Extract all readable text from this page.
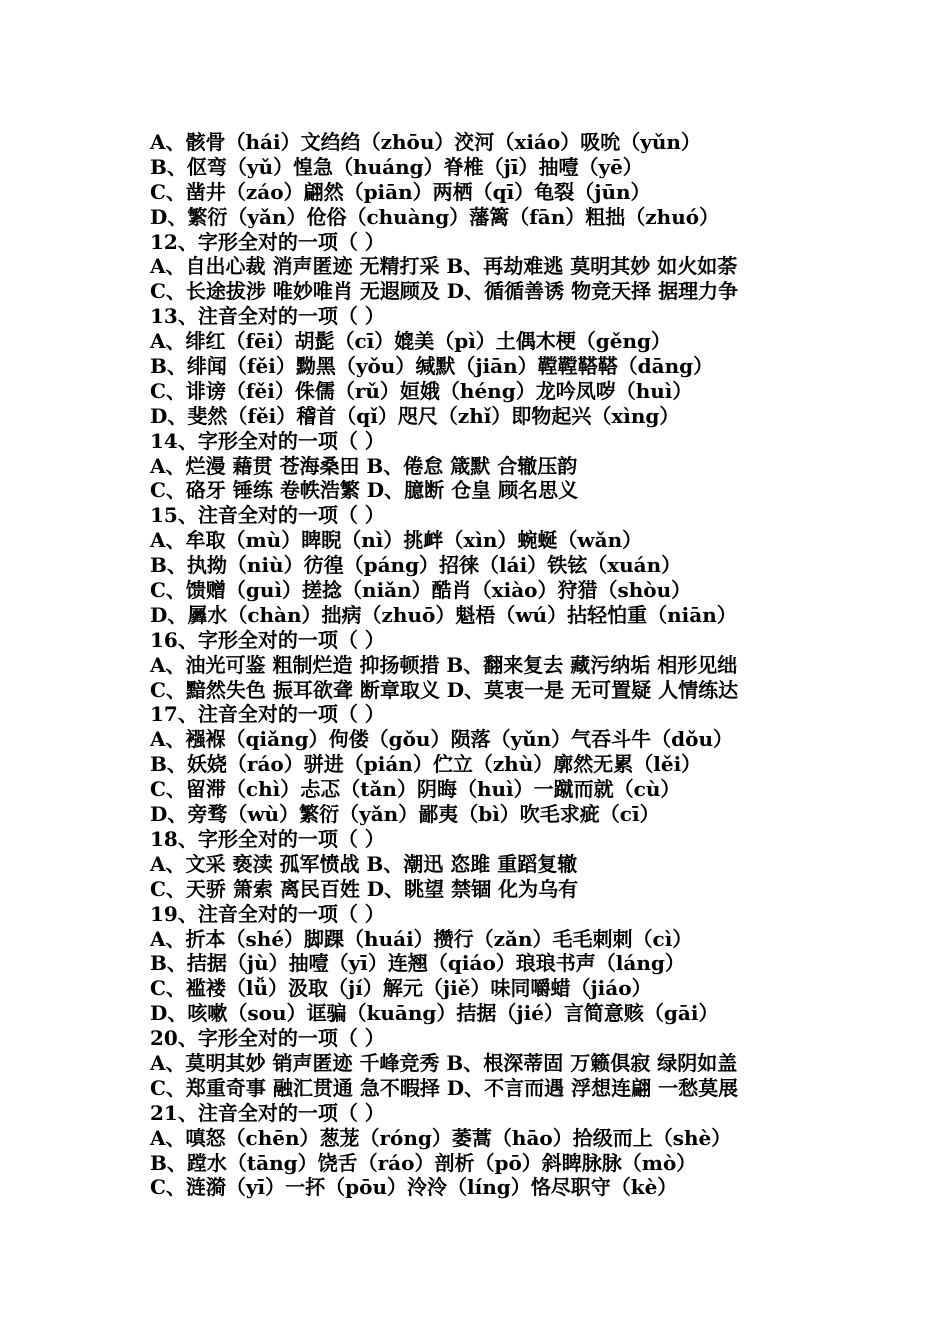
A、骸骨（hái）文绉绉（zhōu）洨河（xiáo）吸吮（yǔn）
B、伛弯（yǔ）惶急（huáng）脊椎（jī）抽噎（yē）
C、凿井（záo）翩然（piān）两栖（qī）龟裂（jūn）
D、繁衍（yǎn）伧俗（chuàng）藩篱（fān）粗拙（zhuó）
12、字形全对的一项（ ）
A、自出心裁 消声匿迹 无精打采 B、再劫难逃 莫明其妙 如火如荼
C、长途拔涉 唯妙唯肖 无遐顾及 D、循循善诱 物竞天择 据理力争
13、注音全对的一项（ ）
A、绯红（fēi）胡髭（cī）媲美（pì）土偶木梗（gěng）
B、绯闻（fěi）黝黑（yǒu）缄默（jiān）鞺鞺鞳鞳（dāng）
C、诽谤（fěi）侏儒（rǔ）姮娥（héng）龙吟凤哕（huì）
D、斐然（fěi）稽首（qǐ）咫尺（zhǐ）即物起兴（xìng）
14、字形全对的一项（ ）
A、烂漫 藉贯 苍海桑田 B、倦怠 箴默 合辙压韵
C、硌牙 锤练 卷帙浩繁 D、臆断 仓皇 顾名思义
15、注音全对的一项（ ）
A、牟取（mù）睥睨（nì）挑衅（xìn）蜿蜒（wǎn）
B、执拗（niù）彷徨（páng）招徕（lái）铁铉（xuán）
C、馈赠（guì）搓捻（niǎn）酷肖（xiào）狩猎（shòu）
D、羼水（chàn）拙病（zhuō）魁梧（wú）拈轻怕重（niān）
16、字形全对的一项（ ）
A、油光可鉴 粗制烂造 抑扬顿措 B、翻来复去 藏污纳垢 相形见绌
C、黯然失色 振耳欲聋 断章取义 D、莫衷一是 无可置疑 人情练达
17、注音全对的一项（ ）
A、襁褓（qiǎng）佝偻（gǒu）陨落（yǔn）气吞斗牛（dǒu）
B、妖娆（ráo）骈进（pián）伫立（zhù）廓然无累（lěi）
C、留滞（chì）忐忑（tǎn）阴晦（huì）一蹴而就（cù）
D、旁骛（wù）繁衍（yǎn）鄙夷（bì）吹毛求疵（cī）
18、字形全对的一项（ ）
A、文采 亵渎 孤军愤战 B、潮迅 恣雎 重蹈复辙
C、天骄 箫索 离民百姓 D、眺望 禁锢 化为乌有
19、注音全对的一项（ ）
A、折本（shé）脚踝（huái）攒行（zǎn）毛毛刺刺（cì）
B、拮据（jù）抽噎（yī）连翘（qiáo）琅琅书声（láng）
C、褴褛（lǚ）汲取（jí）解元（jiě）味同嚼蜡（jiáo）
D、咳嗽（sou）诓骗（kuāng）拮据（jié）言简意赅（gāi）
20、字形全对的一项（ ）
A、莫明其妙 销声匿迹 千峰竞秀 B、根深蒂固 万籁俱寂 绿阴如盖
C、郑重奇事 融汇贯通 急不暇择 D、不言而遇 浮想连翩 一愁莫展
21、注音全对的一项（ ）
A、嗔怒（chēn）葱茏（róng）萎蒿（hāo）拾级而上（shè）
B、蹚水（tāng）饶舌（ráo）剖析（pō）斜睥脉脉（mò）
C、涟漪（yī）一抔（pōu）泠泠（líng）恪尽职守（kè）
